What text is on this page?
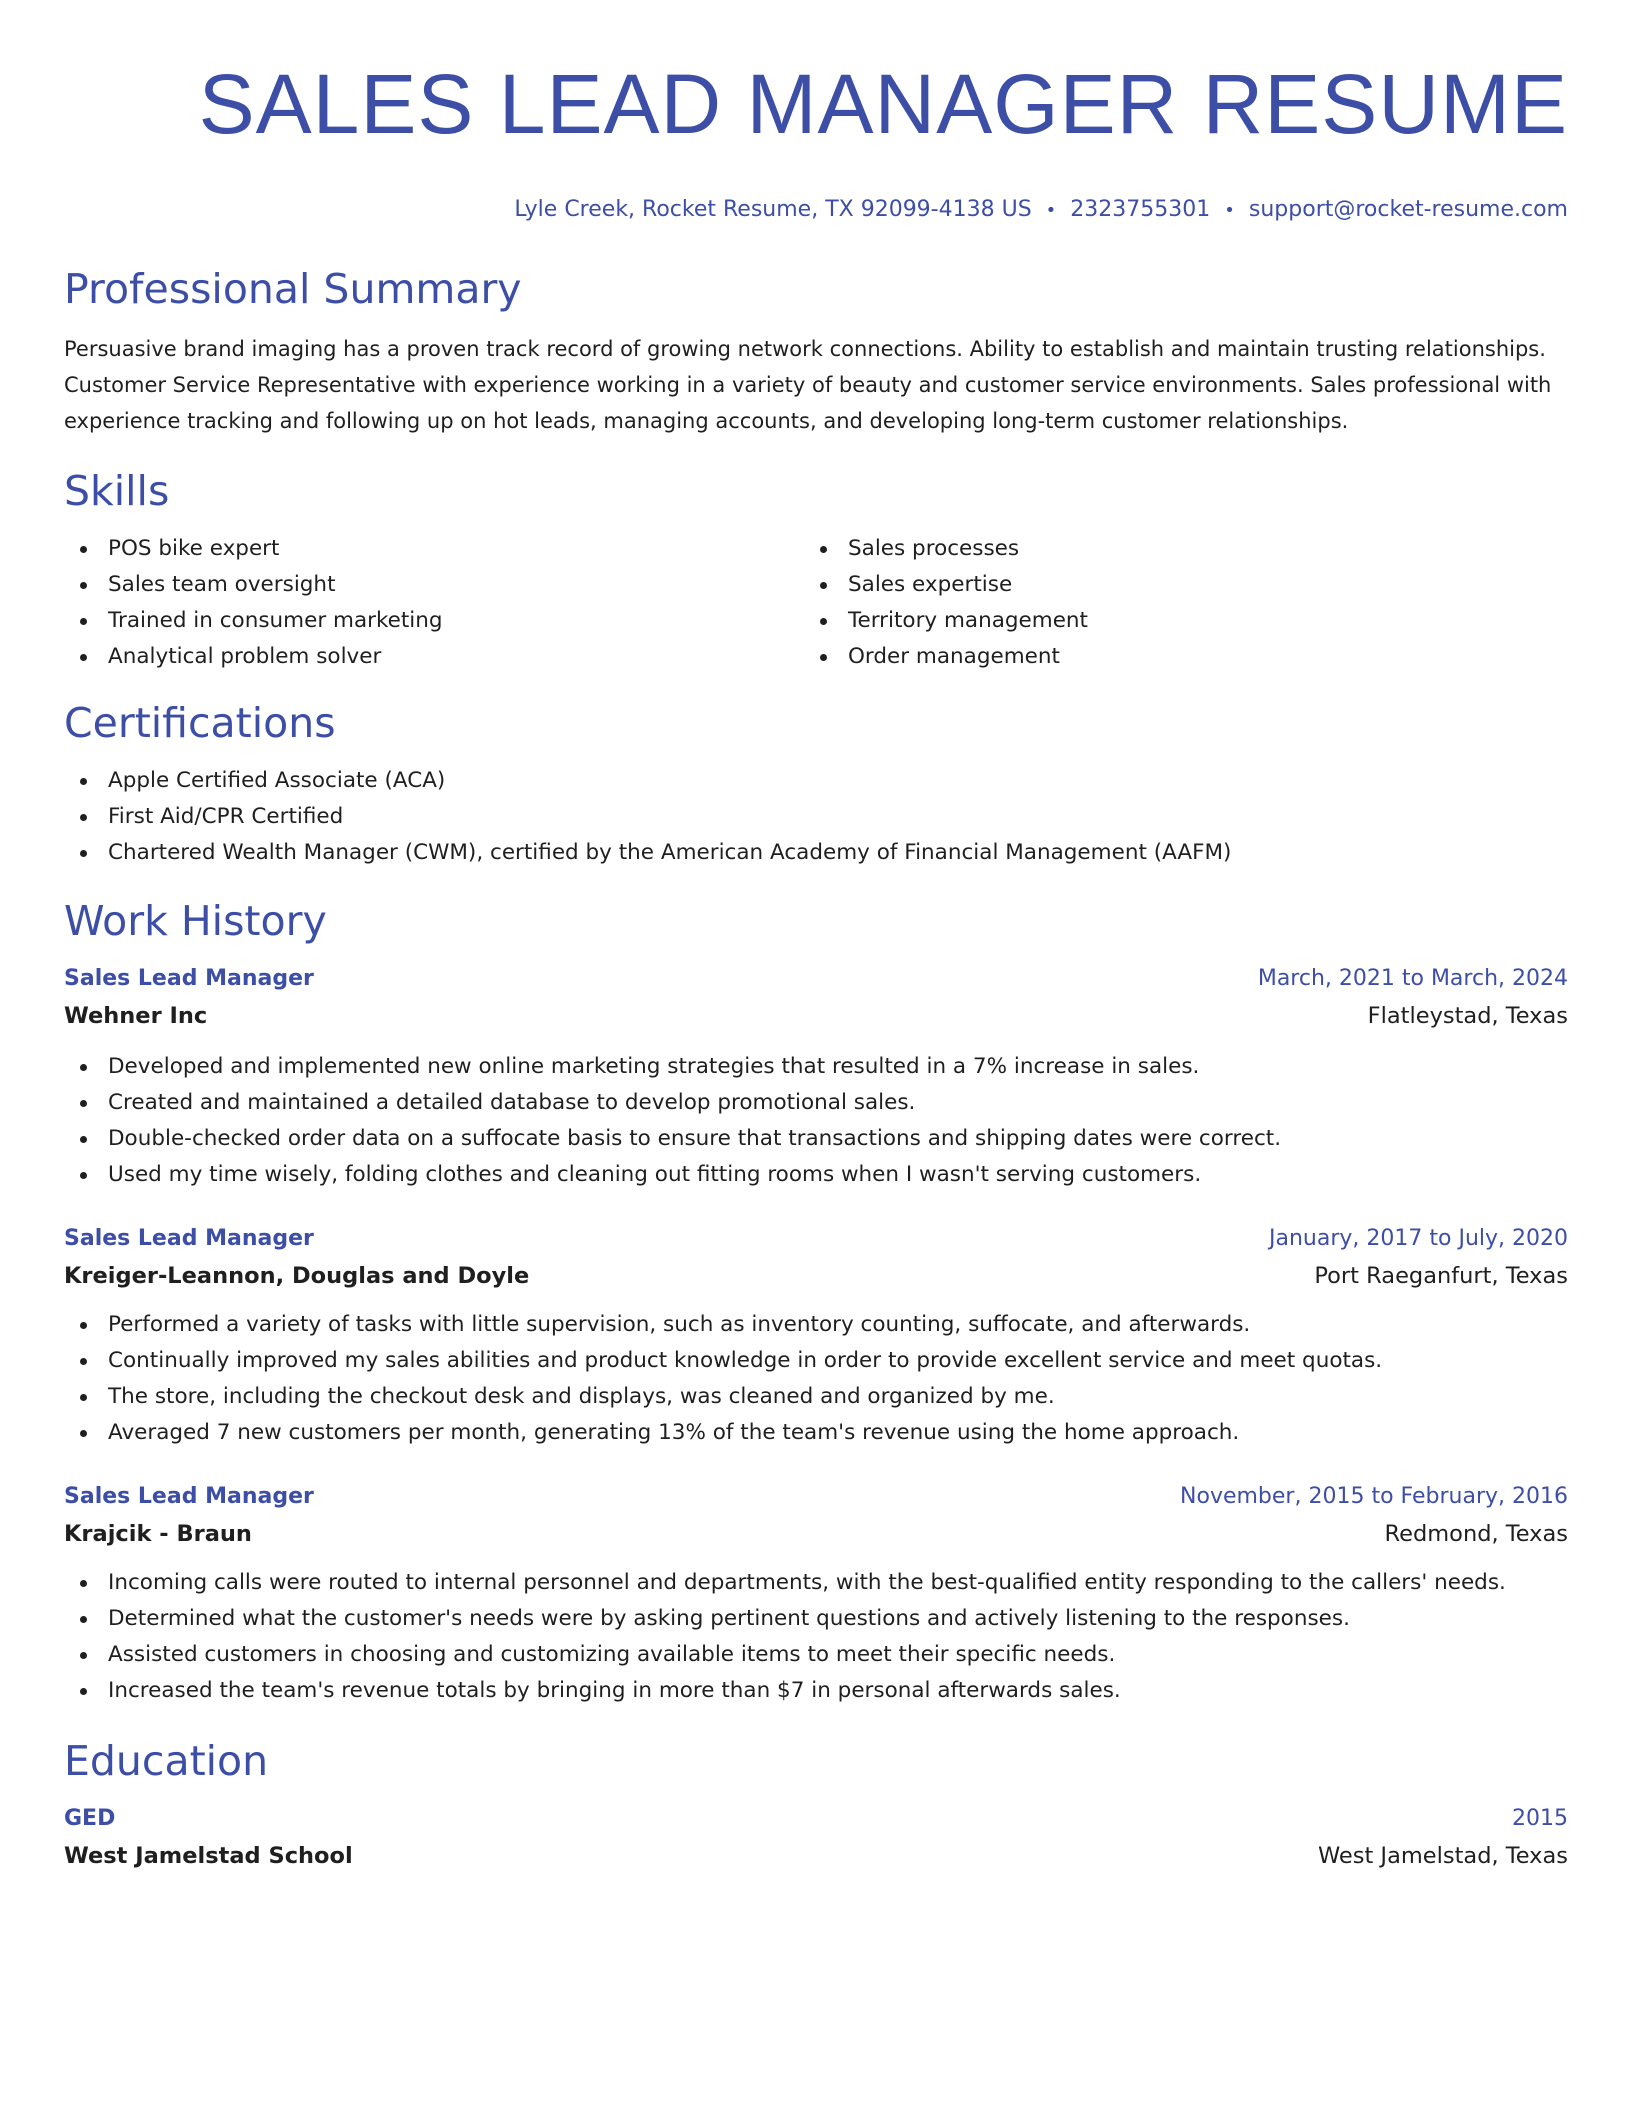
SALES LEAD MANAGER RESUME
Lyle Creek, Rocket Resume, TX 92099-4138 US • 2323755301 • support@rocket-resume.com
Professional Summary

Persuasive brand imaging has a proven track record of growing network connections. Ability to establish and maintain trusting relationships. Customer Service Representative with experience working in a variety of beauty and customer service environments. Sales professional with experience tracking and following up on hot leads, managing accounts, and developing long-term customer relationships.

Skills
POS bike expert
Sales team oversight
Trained in consumer marketing
Analytical problem solver
Sales processes
Sales expertise
Territory management
Order management
Certifications
Apple Certified Associate (ACA)
First Aid/CPR Certified
Chartered Wealth Manager (CWM), certified by the American Academy of Financial Management (AAFM)
Work History
Sales Lead Manager	March, 2021 to March, 2024
Wehner Inc	Flatleystad, Texas
Developed and implemented new online marketing strategies that resulted in a 7% increase in sales.
Created and maintained a detailed database to develop promotional sales.
Double-checked order data on a suffocate basis to ensure that transactions and shipping dates were correct.
Used my time wisely, folding clothes and cleaning out fitting rooms when I wasn't serving customers.
Sales Lead Manager	January, 2017 to July, 2020
Kreiger-Leannon, Douglas and Doyle	Port Raeganfurt, Texas
Performed a variety of tasks with little supervision, such as inventory counting, suffocate, and afterwards.
Continually improved my sales abilities and product knowledge in order to provide excellent service and meet quotas.
The store, including the checkout desk and displays, was cleaned and organized by me.
Averaged 7 new customers per month, generating 13% of the team's revenue using the home approach.
Sales Lead Manager	November, 2015 to February, 2016
Krajcik - Braun	Redmond, Texas
Incoming calls were routed to internal personnel and departments, with the best-qualified entity responding to the callers' needs.
Determined what the customer's needs were by asking pertinent questions and actively listening to the responses.
Assisted customers in choosing and customizing available items to meet their specific needs.
Increased the team's revenue totals by bringing in more than $7 in personal afterwards sales.
Education
GED	2015
West Jamelstad School	West Jamelstad, Texas
